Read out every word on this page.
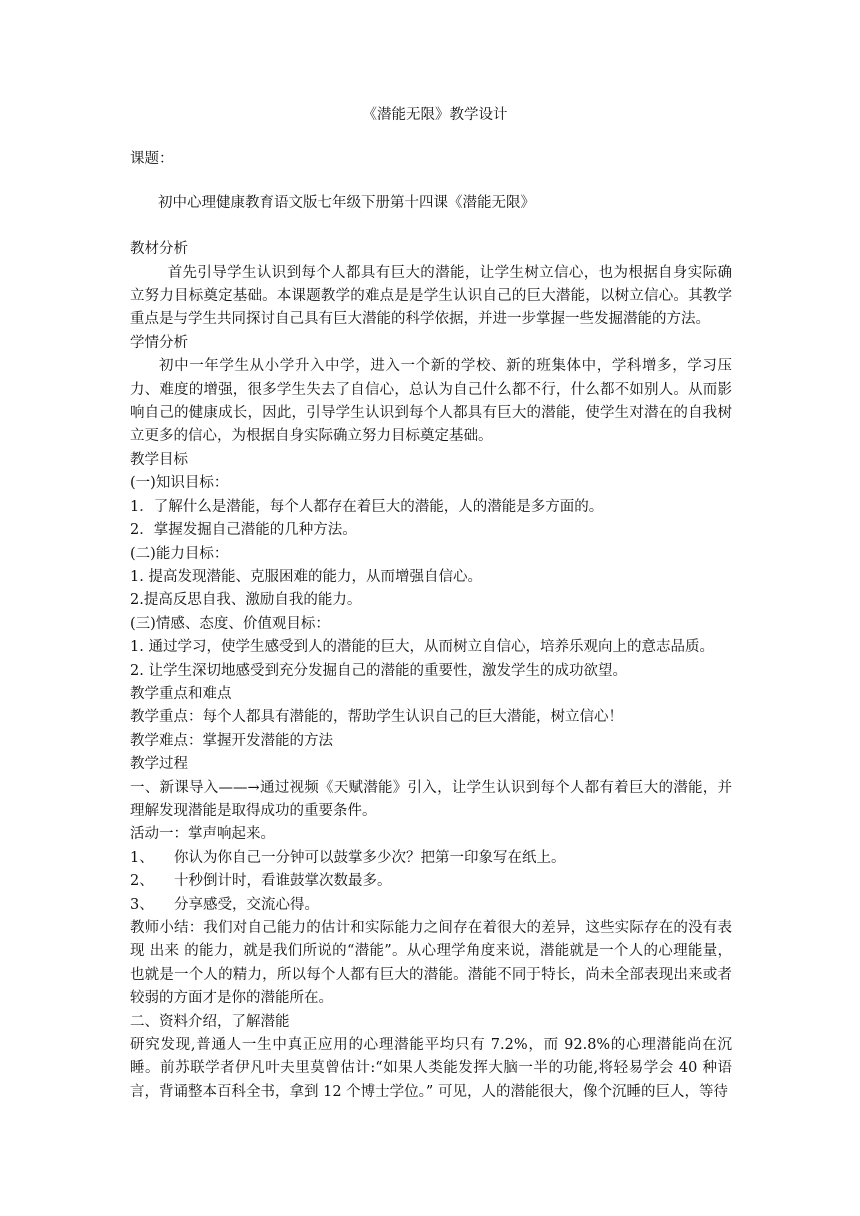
《潜能无限》教学设计

课题：

初中心理健康教育语文版七年级下册第十四课《潜能无限》

教材分析

首先引导学生认识到每个人都具有巨大的潜能，让学生树立信心，也为根据自身实际确立努力目标奠定基础。本课题教学的难点是是学生认识自己的巨大潜能，以树立信心。其教学重点是与学生共同探讨自己具有巨大潜能的科学依据，并进一步掌握一些发掘潜能的方法。

学情分析

初中一年学生从小学升入中学，进入一个新的学校、新的班集体中，学科增多，学习压力、难度的增强，很多学生失去了自信心，总认为自己什么都不行，什么都不如别人。从而影响自己的健康成长，因此，引导学生认识到每个人都具有巨大的潜能，使学生对潜在的自我树立更多的信心，为根据自身实际确立努力目标奠定基础。

教学目标

(一)知识目标：

1．了解什么是潜能，每个人都存在着巨大的潜能，人的潜能是多方面的。

2．掌握发掘自己潜能的几种方法。

(二)能力目标：

1. 提高发现潜能、克服困难的能力，从而增强自信心。

2.提高反思自我、激励自我的能力。

(三)情感、态度、价值观目标：

1. 通过学习，使学生感受到人的潜能的巨大，从而树立自信心，培养乐观向上的意志品质。

2. 让学生深切地感受到充分发掘自己的潜能的重要性，激发学生的成功欲望。

教学重点和难点

教学重点：每个人都具有潜能的，帮助学生认识自己的巨大潜能，树立信心！

教学难点：掌握开发潜能的方法

教学过程

一、新课导入——→通过视频《天赋潜能》引入，让学生认识到每个人都有着巨大的潜能，并理解发现潜能是取得成功的重要条件。

活动一：掌声响起来。

1、	你认为你自己一分钟可以鼓掌多少次？把第一印象写在纸上。
2、	十秒倒计时，看谁鼓掌次数最多。
3、	分享感受，交流心得。

教师小结：我们对自己能力的估计和实际能力之间存在着很大的差异，这些实际存在的没有表现 出来 的能力，就是我们所说的“潜能”。从心理学角度来说，潜能就是一个人的心理能量，也就是一个人的精力，所以每个人都有巨大的潜能。潜能不同于特长，尚未全部表现出来或者较弱的方面才是你的潜能所在。

二、资料介绍，了解潜能

研究发现,普通人一生中真正应用的心理潜能平均只有 7.2%，而 92.8%的心理潜能尚在沉睡。前苏联学者伊凡叶夫里莫曾估计:“如果人类能发挥大脑一半的功能,将轻易学会 40 种语言，背诵整本百科全书，拿到 12 个博士学位。” 可见，人的潜能很大，像个沉睡的巨人，等待
